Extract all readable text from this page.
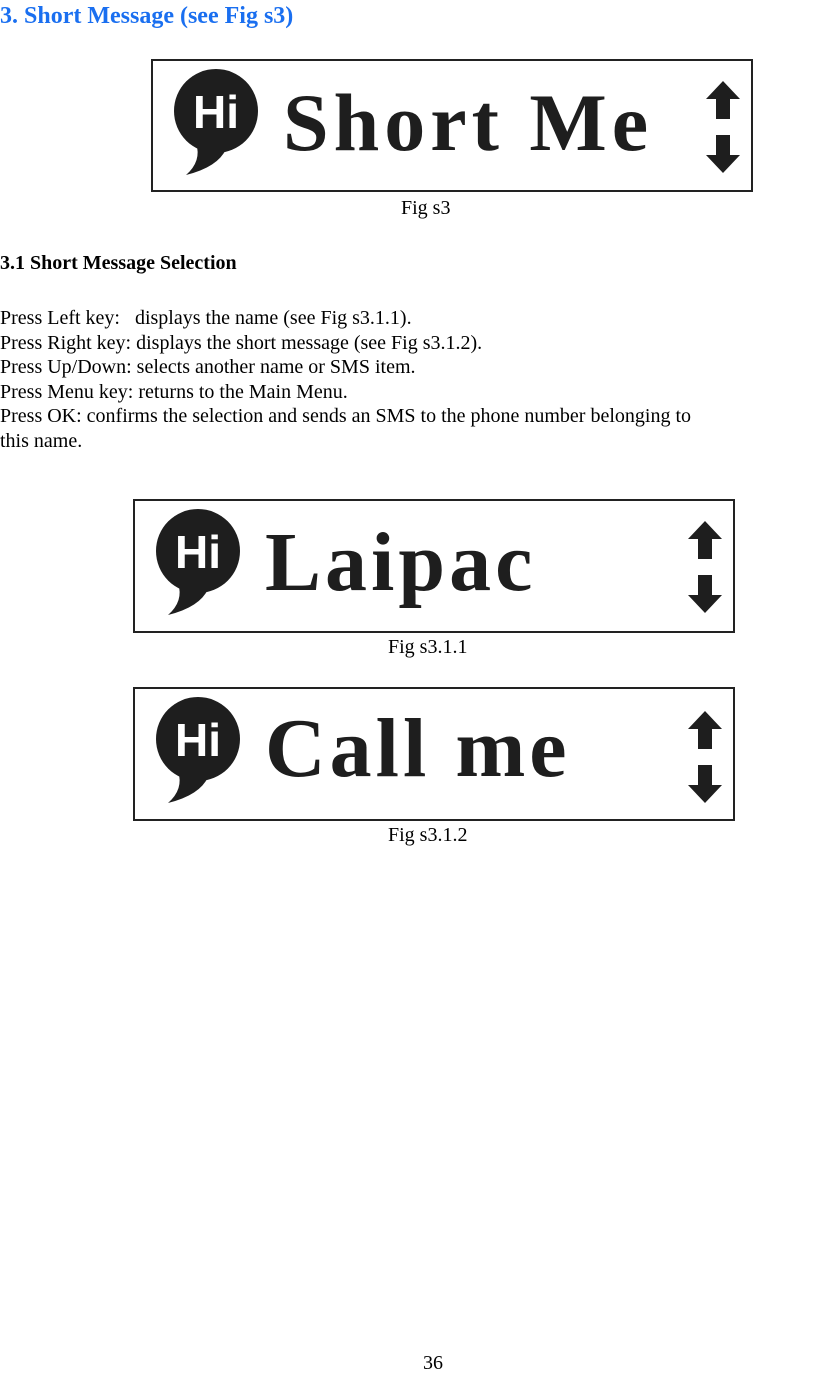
3. Short Message (see Fig s3)
Hi Short Me
Fig s3
3.1 Short Message Selection

Press Left key:   displays the name (see Fig s3.1.1).

Press Right key: displays the short message (see Fig s3.1.2).

Press Up/Down: selects another name or SMS item.

Press Menu key: returns to the Main Menu.

Press OK: confirms the selection and sends an SMS to the phone number belonging to

this name.

Hi Laipac
Fig s3.1.1
Hi Call me
Fig s3.1.2
36
